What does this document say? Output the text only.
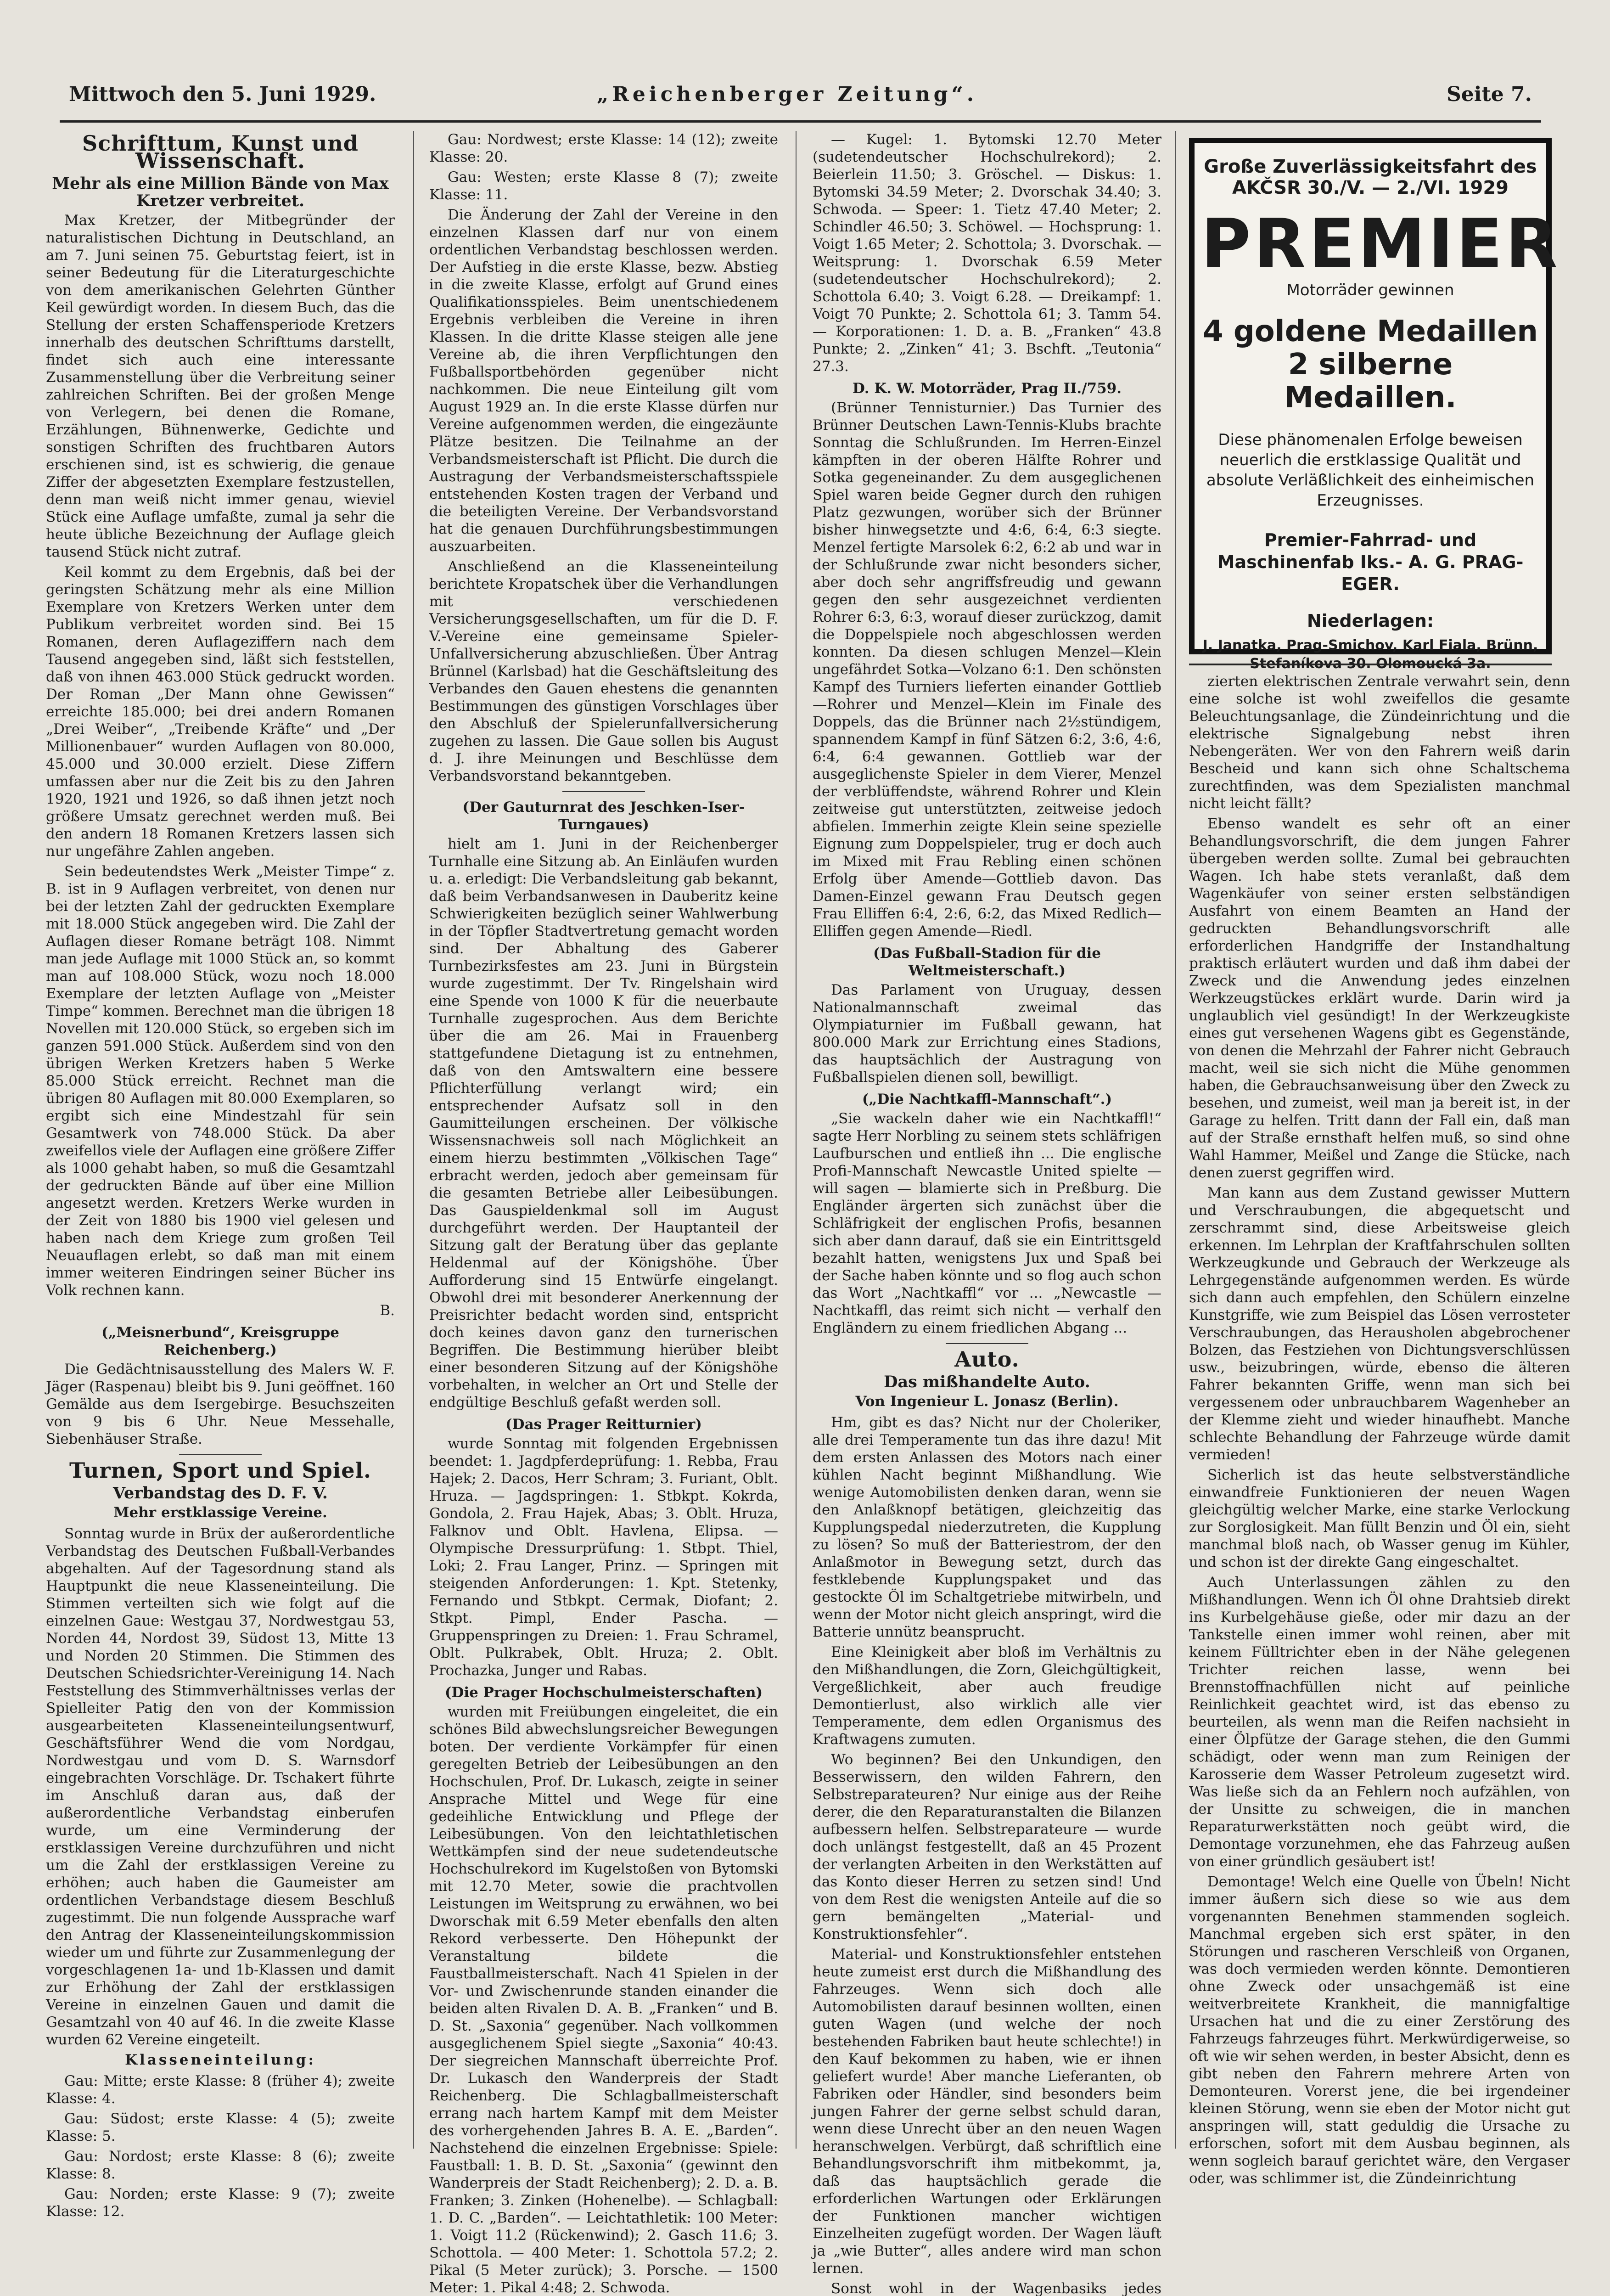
Mittwoch den 5. Juni 1929.	„Reichenberger Zeitung“.	Seite 7.
Schrifttum, Kunst und Wissenschaft.
Mehr als eine Million Bände von Max Kretzer verbreitet.

Max Kretzer, der Mitbegründer der naturalistischen Dichtung in Deutschland, an am 7. Juni seinen 75. Geburtstag feiert, ist in seiner Bedeutung für die Literaturgeschichte von dem amerikanischen Gelehrten Günther Keil gewürdigt worden. In diesem Buch, das die Stellung der ersten Schaffensperiode Kretzers innerhalb des deutschen Schrifttums darstellt, findet sich auch eine interessante Zusammenstellung über die Verbreitung seiner zahlreichen Schriften. Bei der großen Menge von Verlegern, bei denen die Romane, Erzählungen, Bühnenwerke, Gedichte und sonstigen Schriften des fruchtbaren Autors erschienen sind, ist es schwierig, die genaue Ziffer der abgesetzten Exemplare festzustellen, denn man weiß nicht immer genau, wieviel Stück eine Auflage umfaßte, zumal ja sehr die heute übliche Bezeichnung der Auflage gleich tausend Stück nicht zutraf.

Keil kommt zu dem Ergebnis, daß bei der geringsten Schätzung mehr als eine Million Exemplare von Kretzers Werken unter dem Publikum verbreitet worden sind. Bei 15 Romanen, deren Auflageziffern nach dem Tausend angegeben sind, läßt sich feststellen, daß von ihnen 463.000 Stück gedruckt worden. Der Roman „Der Mann ohne Gewissen“ erreichte 185.000; bei drei andern Romanen „Drei Weiber“, „Treibende Kräfte“ und „Der Millionenbauer“ wurden Auflagen von 80.000, 45.000 und 30.000 erzielt. Diese Ziffern umfassen aber nur die Zeit bis zu den Jahren 1920, 1921 und 1926, so daß ihnen jetzt noch größere Umsatz gerechnet werden muß. Bei den andern 18 Romanen Kretzers lassen sich nur ungefähre Zahlen angeben.

Sein bedeutendstes Werk „Meister Timpe“ z. B. ist in 9 Auflagen verbreitet, von denen nur bei der letzten Zahl der gedruckten Exemplare mit 18.000 Stück angegeben wird. Die Zahl der Auflagen dieser Romane beträgt 108. Nimmt man jede Auflage mit 1000 Stück an, so kommt man auf 108.000 Stück, wozu noch 18.000 Exemplare der letzten Auflage von „Meister Timpe“ kommen. Berechnet man die übrigen 18 Novellen mit 120.000 Stück, so ergeben sich im ganzen 591.000 Stück. Außerdem sind von den übrigen Werken Kretzers haben 5 Werke 85.000 Stück erreicht. Rechnet man die übrigen 80 Auflagen mit 80.000 Exemplaren, so ergibt sich eine Mindestzahl für sein Gesamtwerk von 748.000 Stück. Da aber zweifellos viele der Auflagen eine größere Ziffer als 1000 gehabt haben, so muß die Gesamtzahl der gedruckten Bände auf über eine Million angesetzt werden. Kretzers Werke wurden in der Zeit von 1880 bis 1900 viel gelesen und haben nach dem Kriege zum großen Teil Neuauflagen erlebt, so daß man mit einem immer weiteren Eindringen seiner Bücher ins Volk rechnen kann.

B.
(„Meisnerbund“, Kreisgruppe Reichenberg.)

Die Gedächtnisausstellung des Malers W. F. Jäger (Raspenau) bleibt bis 9. Juni geöffnet. 160 Gemälde aus dem Isergebirge. Besuchszeiten von 9 bis 6 Uhr. Neue Messehalle, Siebenhäuser Straße.

Turnen, Sport und Spiel.
Verbandstag des D. F. V.
Mehr erstklassige Vereine.

Sonntag wurde in Brüx der außerordentliche Verbandstag des Deutschen Fußball-Verbandes abgehalten. Auf der Tagesordnung stand als Hauptpunkt die neue Klasseneinteilung. Die Stimmen verteilten sich wie folgt auf die einzelnen Gaue: Westgau 37, Nordwestgau 53, Norden 44, Nordost 39, Südost 13, Mitte 13 und Norden 20 Stimmen. Die Stimmen des Deutschen Schiedsrichter-Vereinigung 14. Nach Feststellung des Stimmverhältnisses verlas der Spielleiter Patig den von der Kommission ausgearbeiteten Klasseneinteilungsentwurf, Geschäftsführer Wend die vom Nordgau, Nordwestgau und vom D. S. Warnsdorf eingebrachten Vorschläge. Dr. Tschakert führte im Anschluß daran aus, daß der außerordentliche Verbandstag einberufen wurde, um eine Verminderung der erstklassigen Vereine durchzuführen und nicht um die Zahl der erstklassigen Vereine zu erhöhen; auch haben die Gaumeister am ordentlichen Verbandstage diesem Beschluß zugestimmt. Die nun folgende Aussprache warf den Antrag der Klasseneinteilungskommission wieder um und führte zur Zusammenlegung der vorgeschlagenen 1a- und 1b-Klassen und damit zur Erhöhung der Zahl der erstklassigen Vereine in einzelnen Gauen und damit die Gesamtzahl von 40 auf 46. In die zweite Klasse wurden 62 Vereine eingeteilt.

Klasseneinteilung:

Gau: Mitte; erste Klasse: 8 (früher 4); zweite Klasse: 4.

Gau: Südost; erste Klasse: 4 (5); zweite Klasse: 5.

Gau: Nordost; erste Klasse: 8 (6); zweite Klasse: 8.

Gau: Norden; erste Klasse: 9 (7); zweite Klasse: 12.

Gau: Nordwest; erste Klasse: 14 (12); zweite Klasse: 20.

Gau: Westen; erste Klasse 8 (7); zweite Klasse: 11.

Die Änderung der Zahl der Vereine in den einzelnen Klassen darf nur von einem ordentlichen Verbandstag beschlossen werden. Der Aufstieg in die erste Klasse, bezw. Abstieg in die zweite Klasse, erfolgt auf Grund eines Qualifikationsspieles. Beim unentschiedenem Ergebnis verbleiben die Vereine in ihren Klassen. In die dritte Klasse steigen alle jene Vereine ab, die ihren Verpflichtungen den Fußballsportbehörden gegenüber nicht nachkommen. Die neue Einteilung gilt vom August 1929 an. In die erste Klasse dürfen nur Vereine aufgenommen werden, die eingezäunte Plätze besitzen. Die Teilnahme an der Verbandsmeisterschaft ist Pflicht. Die durch die Austragung der Verbandsmeisterschaftsspiele entstehenden Kosten tragen der Verband und die beteiligten Vereine. Der Verbandsvorstand hat die genauen Durchführungsbestimmungen auszuarbeiten.

Anschließend an die Klasseneinteilung berichtete Kropatschek über die Verhandlungen mit verschiedenen Versicherungsgesellschaften, um für die D. F. V.-Vereine eine gemeinsame Spieler-Unfallversicherung abzuschließen. Über Antrag Brünnel (Karlsbad) hat die Geschäftsleitung des Verbandes den Gauen ehestens die genannten Bestimmungen des günstigen Vorschlages über den Abschluß der Spielerunfallversicherung zugehen zu lassen. Die Gaue sollen bis August d. J. ihre Meinungen und Beschlüsse dem Verbandsvorstand bekanntgeben.

(Der Gauturnrat des Jeschken-Iser-Turngaues)

hielt am 1. Juni in der Reichenberger Turnhalle eine Sitzung ab. An Einläufen wurden u. a. erledigt: Die Verbandsleitung gab bekannt, daß beim Verbandsanwesen in Dauberitz keine Schwierigkeiten bezüglich seiner Wahlwerbung in der Töpfler Stadtvertretung gemacht worden sind. Der Abhaltung des Gaberer Turnbezirksfestes am 23. Juni in Bürgstein wurde zugestimmt. Der Tv. Ringelshain wird eine Spende von 1000 K für die neuerbaute Turnhalle zugesprochen. Aus dem Berichte über die am 26. Mai in Frauenberg stattgefundene Dietagung ist zu entnehmen, daß von den Amtswaltern eine bessere Pflichterfüllung verlangt wird; ein entsprechender Aufsatz soll in den Gaumitteilungen erscheinen. Der völkische Wissensnachweis soll nach Möglichkeit an einem hierzu bestimmten „Völkischen Tage“ erbracht werden, jedoch aber gemeinsam für die gesamten Betriebe aller Leibesübungen. Das Gauspieldenkmal soll im August durchgeführt werden. Der Hauptanteil der Sitzung galt der Beratung über das geplante Heldenmal auf der Königshöhe. Über Aufforderung sind 15 Entwürfe eingelangt. Obwohl drei mit besonderer Anerkennung der Preisrichter bedacht worden sind, entspricht doch keines davon ganz den turnerischen Begriffen. Die Bestimmung hierüber bleibt einer besonderen Sitzung auf der Königshöhe vorbehalten, in welcher an Ort und Stelle der endgültige Beschluß gefaßt werden soll.

(Das Prager Reitturnier)

wurde Sonntag mit folgenden Ergebnissen beendet: 1. Jagdpferdeprüfung: 1. Rebba, Frau Hajek; 2. Dacos, Herr Schram; 3. Furiant, Oblt. Hruza. — Jagdspringen: 1. Stbkpt. Kokrda, Gondola, 2. Frau Hajek, Abas; 3. Oblt. Hruza, Falknov und Oblt. Havlena, Elipsa. — Olympische Dressurprüfung: 1. Stbpt. Thiel, Loki; 2. Frau Langer, Prinz. — Springen mit steigenden Anforderungen: 1. Kpt. Stetenky, Fernando und Stbkpt. Cermak, Diofant; 2. Stkpt. Pimpl, Ender Pascha. — Gruppenspringen zu Dreien: 1. Frau Schramel, Oblt. Pulkrabek, Oblt. Hruza; 2. Oblt. Prochazka, Junger und Rabas.

(Die Prager Hochschulmeisterschaften)

wurden mit Freiübungen eingeleitet, die ein schönes Bild abwechslungsreicher Bewegungen boten. Der verdiente Vorkämpfer für einen geregelten Betrieb der Leibesübungen an den Hochschulen, Prof. Dr. Lukasch, zeigte in seiner Ansprache Mittel und Wege für eine gedeihliche Entwicklung und Pflege der Leibesübungen. Von den leichtathletischen Wettkämpfen sind der neue sudetendeutsche Hochschulrekord im Kugelstoßen von Bytomski mit 12.70 Meter, sowie die prachtvollen Leistungen im Weitsprung zu erwähnen, wo bei Dworschak mit 6.59 Meter ebenfalls den alten Rekord verbesserte. Den Höhepunkt der Veranstaltung bildete die Faustballmeisterschaft. Nach 41 Spielen in der Vor- und Zwischenrunde standen einander die beiden alten Rivalen D. A. B. „Franken“ und B. D. St. „Saxonia“ gegenüber. Nach vollkommen ausgeglichenem Spiel siegte „Saxonia“ 40:43. Der siegreichen Mannschaft überreichte Prof. Dr. Lukasch den Wanderpreis der Stadt Reichenberg. Die Schlagballmeisterschaft errang nach hartem Kampf mit dem Meister des vorhergehenden Jahres B. A. E. „Barden“. Nachstehend die einzelnen Ergebnisse: Spiele: Faustball: 1. B. D. St. „Saxonia“ (gewinnt den Wanderpreis der Stadt Reichenberg); 2. D. a. B. Franken; 3. Zinken (Hohenelbe). — Schlagball: 1. D. C. „Barden“. — Leichtathletik: 100 Meter: 1. Voigt 11.2 (Rückenwind); 2. Gasch 11.6; 3. Schottola. — 400 Meter: 1. Schottola 57.2; 2. Pikal (5 Meter zurück); 3. Porsche. — 1500 Meter: 1. Pikal 4:48; 2. Schwoda.

— Kugel: 1. Bytomski 12.70 Meter (sudetendeutscher Hochschulrekord); 2. Beierlein 11.50; 3. Gröschel. — Diskus: 1. Bytomski 34.59 Meter; 2. Dvorschak 34.40; 3. Schwoda. — Speer: 1. Tietz 47.40 Meter; 2. Schindler 46.50; 3. Schöwel. — Hochsprung: 1. Voigt 1.65 Meter; 2. Schottola; 3. Dvorschak. — Weitsprung: 1. Dvorschak 6.59 Meter (sudetendeutscher Hochschulrekord); 2. Schottola 6.40; 3. Voigt 6.28. — Dreikampf: 1. Voigt 70 Punkte; 2. Schottola 61; 3. Tamm 54. — Korporationen: 1. D. a. B. „Franken“ 43.8 Punkte; 2. „Zinken“ 41; 3. Bschft. „Teutonia“ 27.3.

D. K. W. Motorräder, Prag II./759.

(Brünner Tennisturnier.) Das Turnier des Brünner Deutschen Lawn-Tennis-Klubs brachte Sonntag die Schlußrunden. Im Herren-Einzel kämpften in der oberen Hälfte Rohrer und Sotka gegeneinander. Zu dem ausgeglichenen Spiel waren beide Gegner durch den ruhigen Platz gezwungen, worüber sich der Brünner bisher hinwegsetzte und 4:6, 6:4, 6:3 siegte. Menzel fertigte Marsolek 6:2, 6:2 ab und war in der Schlußrunde zwar nicht besonders sicher, aber doch sehr angriffsfreudig und gewann gegen den sehr ausgezeichnet verdienten Rohrer 6:3, 6:3, worauf dieser zurückzog, damit die Doppelspiele noch abgeschlossen werden konnten. Da diesen schlugen Menzel—Klein ungefährdet Sotka—Volzano 6:1. Den schönsten Kampf des Turniers lieferten einander Gottlieb—Rohrer und Menzel—Klein im Finale des Doppels, das die Brünner nach 2½stündigem, spannendem Kampf in fünf Sätzen 6:2, 3:6, 4:6, 6:4, 6:4 gewannen. Gottlieb war der ausgeglichenste Spieler in dem Vierer, Menzel der verblüffendste, während Rohrer und Klein zeitweise gut unterstützten, zeitweise jedoch abfielen. Immerhin zeigte Klein seine spezielle Eignung zum Doppelspieler, trug er doch auch im Mixed mit Frau Rebling einen schönen Erfolg über Amende—Gottlieb davon. Das Damen-Einzel gewann Frau Deutsch gegen Frau Elliffen 6:4, 2:6, 6:2, das Mixed Redlich—Elliffen gegen Amende—Riedl.

(Das Fußball-Stadion für die Weltmeisterschaft.)

Das Parlament von Uruguay, dessen Nationalmannschaft zweimal das Olympiaturnier im Fußball gewann, hat 800.000 Mark zur Errichtung eines Stadions, das hauptsächlich der Austragung von Fußballspielen dienen soll, bewilligt.

(„Die Nachtkaffl-Mannschaft“.)

„Sie wackeln daher wie ein Nachtkaffl!“ sagte Herr Norbling zu seinem stets schläfrigen Laufburschen und entließ ihn ... Die englische Profi-Mannschaft Newcastle United spielte — will sagen — blamierte sich in Preßburg. Die Engländer ärgerten sich zunächst über die Schläfrigkeit der englischen Profis, besannen sich aber dann darauf, daß sie ein Eintrittsgeld bezahlt hatten, wenigstens Jux und Spaß bei der Sache haben könnte und so flog auch schon das Wort „Nachtkaffl“ vor ... „Newcastle — Nachtkaffl, das reimt sich nicht — verhalf den Engländern zu einem friedlichen Abgang ...

Auto.
Das mißhandelte Auto.
Von Ingenieur L. Jonasz (Berlin).

Hm, gibt es das? Nicht nur der Choleriker, alle drei Temperamente tun das ihre dazu! Mit dem ersten Anlassen des Motors nach einer kühlen Nacht beginnt Mißhandlung. Wie wenige Automobilisten denken daran, wenn sie den Anlaßknopf betätigen, gleichzeitig das Kupplungspedal niederzutreten, die Kupplung zu lösen? So muß der Batteriestrom, der den Anlaßmotor in Bewegung setzt, durch das festklebende Kupplungspaket und das gestockte Öl im Schaltgetriebe mitwirbeln, und wenn der Motor nicht gleich anspringt, wird die Batterie unnütz beansprucht.

Eine Kleinigkeit aber bloß im Verhältnis zu den Mißhandlungen, die Zorn, Gleichgültigkeit, Vergeßlichkeit, aber auch freudige Demontierlust, also wirklich alle vier Temperamente, dem edlen Organismus des Kraftwagens zumuten.

Wo beginnen? Bei den Unkundigen, den Besserwissern, den wilden Fahrern, den Selbstreparateuren? Nur einige aus der Reihe derer, die den Reparaturanstalten die Bilanzen aufbessern helfen. Selbstreparateure — wurde doch unlängst festgestellt, daß an 45 Prozent der verlangten Arbeiten in den Werkstätten auf das Konto dieser Herren zu setzen sind! Und von dem Rest die wenigsten Anteile auf die so gern bemängelten „Material- und Konstruktionsfehler“.

Material- und Konstruktionsfehler entstehen heute zumeist erst durch die Mißhandlung des Fahrzeuges. Wenn sich doch alle Automobilisten darauf besinnen wollten, einen guten Wagen (und welche der noch bestehenden Fabriken baut heute schlechte!) in den Kauf bekommen zu haben, wie er ihnen geliefert wurde! Aber manche Lieferanten, ob Fabriken oder Händler, sind besonders beim jungen Fahrer der gerne selbst schuld daran, wenn diese Unrecht über an den neuen Wagen heranschwelgen. Verbürgt, daß schriftlich eine Behandlungsvorschrift ihm mitbekommt, ja, daß das hauptsächlich gerade die erforderlichen Wartungen oder Erklärungen der Funktionen mancher wichtigen Einzelheiten zugefügt worden. Der Wagen läuft ja „wie Butter“, alles andere wird man schon lernen.

Sonst wohl in der Wagenbasiks jedes

Große Zuverlässigkeitsfahrt des
AKČSR 30./V. — 2./VI. 1929
PREMIER
Motorräder gewinnen
4 goldene Medaillen
2 silberne Medaillen.
Diese phänomenalen Erfolge beweisen neuerlich die erstklassige Qualität und absolute Verläßlichkeit des einheimischen Erzeugnisses.
Premier-Fahrrad- und Maschinenfab Iks.- A. G. PRAG-EGER.
Niederlagen:
J. Janatka, Prag-Smichov, Karl Fiala, Brünn,
Stefaníkova 30. Olomoucká 3a.

zierten elektrischen Zentrale verwahrt sein, denn eine solche ist wohl zweifellos die gesamte Beleuchtungsanlage, die Zündeinrichtung und die elektrische Signalgebung nebst ihren Nebengeräten. Wer von den Fahrern weiß darin Bescheid und kann sich ohne Schaltschema zurechtfinden, was dem Spezialisten manchmal nicht leicht fällt?

Ebenso wandelt es sehr oft an einer Behandlungsvorschrift, die dem jungen Fahrer übergeben werden sollte. Zumal bei gebrauchten Wagen. Ich habe stets veranlaßt, daß dem Wagenkäufer von seiner ersten selbständigen Ausfahrt von einem Beamten an Hand der gedruckten Behandlungsvorschrift alle erforderlichen Handgriffe der Instandhaltung praktisch erläutert wurden und daß ihm dabei der Zweck und die Anwendung jedes einzelnen Werkzeugstückes erklärt wurde. Darin wird ja unglaublich viel gesündigt! In der Werkzeugkiste eines gut versehenen Wagens gibt es Gegenstände, von denen die Mehrzahl der Fahrer nicht Gebrauch macht, weil sie sich nicht die Mühe genommen haben, die Gebrauchsanweisung über den Zweck zu besehen, und zumeist, weil man ja bereit ist, in der Garage zu helfen. Tritt dann der Fall ein, daß man auf der Straße ernsthaft helfen muß, so sind ohne Wahl Hammer, Meißel und Zange die Stücke, nach denen zuerst gegriffen wird.

Man kann aus dem Zustand gewisser Muttern und Verschraubungen, die abgequetscht und zerschrammt sind, diese Arbeitsweise gleich erkennen. Im Lehrplan der Kraftfahrschulen sollten Werkzeugkunde und Gebrauch der Werkzeuge als Lehrgegenstände aufgenommen werden. Es würde sich dann auch empfehlen, den Schülern einzelne Kunstgriffe, wie zum Beispiel das Lösen verrosteter Verschraubungen, das Herausholen abgebrochener Bolzen, das Festziehen von Dichtungsverschlüssen usw., beizubringen, würde, ebenso die älteren Fahrer bekannten Griffe, wenn man sich bei vergessenem oder unbrauchbarem Wagenheber an der Klemme zieht und wieder hinaufhebt. Manche schlechte Behandlung der Fahrzeuge würde damit vermieden!

Sicherlich ist das heute selbstverständliche einwandfreie Funktionieren der neuen Wagen gleichgültig welcher Marke, eine starke Verlockung zur Sorglosigkeit. Man füllt Benzin und Öl ein, sieht manchmal bloß nach, ob Wasser genug im Kühler, und schon ist der direkte Gang eingeschaltet.

Auch Unterlassungen zählen zu den Mißhandlungen. Wenn ich Öl ohne Drahtsieb direkt ins Kurbelgehäuse gieße, oder mir dazu an der Tankstelle einen immer wohl reinen, aber mit keinem Fülltrichter eben in der Nähe gelegenen Trichter reichen lasse, wenn bei Brennstoffnachfüllen nicht auf peinliche Reinlichkeit geachtet wird, ist das ebenso zu beurteilen, als wenn man die Reifen nachsieht in einer Ölpfütze der Garage stehen, die den Gummi schädigt, oder wenn man zum Reinigen der Karosserie dem Wasser Petroleum zugesetzt wird. Was ließe sich da an Fehlern noch aufzählen, von der Unsitte zu schweigen, die in manchen Reparaturwerkstätten noch geübt wird, die Demontage vorzunehmen, ehe das Fahrzeug außen von einer gründlich gesäubert ist!

Demontage! Welch eine Quelle von Übeln! Nicht immer äußern sich diese so wie aus dem vorgenannten Benehmen stammenden sogleich. Manchmal ergeben sich erst später, in den Störungen und rascheren Verschleiß von Organen, was doch vermieden werden könnte. Demontieren ohne Zweck oder unsachgemäß ist eine weitverbreitete Krankheit, die mannigfaltige Ursachen hat und die zu einer Zerstörung des Fahrzeugs fahrzeuges führt. Merkwürdigerweise, so oft wie wir sehen werden, in bester Absicht, denn es gibt neben den Fahrern mehrere Arten von Demonteuren. Vorerst jene, die bei irgendeiner kleinen Störung, wenn sie eben der Motor nicht gut anspringen will, statt geduldig die Ursache zu erforschen, sofort mit dem Ausbau beginnen, als wenn sogleich barauf gerichtet wäre, den Vergaser oder, was schlimmer ist, die Zündeinrichtung
